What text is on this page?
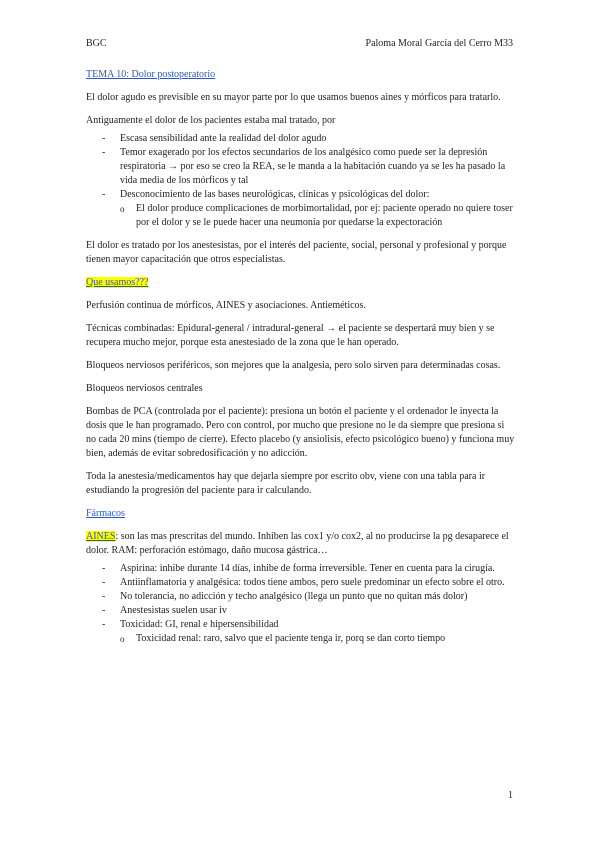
BGC	Paloma Moral García del Cerro M33
TEMA 10: Dolor postoperatorio

El dolor agudo es previsible en su mayor parte por lo que usamos buenos aines y mórficos para tratarlo.

Antiguamente el dolor de los pacientes estaba mal tratado, por

- Escasa sensibilidad ante la realidad del dolor agudo
- Temor exagerado por los efectos secundarios de los analgésico como puede ser la depresión respiratoria → por eso se creo la REA, se le manda a la habitación cuando ya se les ha pasado la vida media de los mórficos y tal
- Desconocimiento de las bases neurológicas, clínicas y psicológicas del dolor:
o El dolor produce complicaciones de morbimortalidad, por ej: paciente operado no quiere toser por el dolor y se le puede hacer una neumonía por quedarse la expectoración

El dolor es tratado por los anestesistas, por el interés del paciente, social, personal y profesional y porque tienen mayor capacitación que otros especialistas.

Que usamos???

Perfusión continua de mórficos, AINES y asociaciones. Antieméticos.

Técnicas combinadas: Epidural-general / intradural-general → el paciente se despertará muy bien y se recupera mucho mejor, porque esta anestesiado de la zona que le han operado.

Bloqueos nerviosos periféricos, son mejores que la analgesia, pero solo sirven para determinadas cosas.

Bloqueos nerviosos centrales

Bombas de PCA (controlada por el paciente): presiona un botón el paciente y el ordenador le inyecta la dosis que le han programado. Pero con control, por mucho que presione no le da siempre que presiona si no cada 20 mins (tiempo de cierre). Efecto placebo (y ansiolisis, efecto psicológico bueno) y funciona muy bien, además de evitar sobredosificación y no adicción.

Toda la anestesia/medicamentos hay que dejarla siempre por escrito obv, viene con una tabla para ir estudiando la progresión del paciente para ir calculando.

Fármacos

AINES: son las mas prescritas del mundo. Inhiben las cox1 y/o cox2, al no producirse la pg desaparece el dolor. RAM: perforación estómago, daño mucosa gástrica…

- Aspirina: inhibe durante 14 días, inhibe de forma irreversible. Tener en cuenta para la cirugía.
- Antiinflamatoria y analgésica: todos tiene ambos, pero suele predominar un efecto sobre el otro.
- No tolerancia, no adicción y techo analgésico (llega un punto que no quitan más dolor)
- Anestesistas suelen usar iv
- Toxicidad: GI, renal e hipersensibilidad
o Toxicidad renal: raro, salvo que el paciente tenga ir, porq se dan corto tiempo
1
